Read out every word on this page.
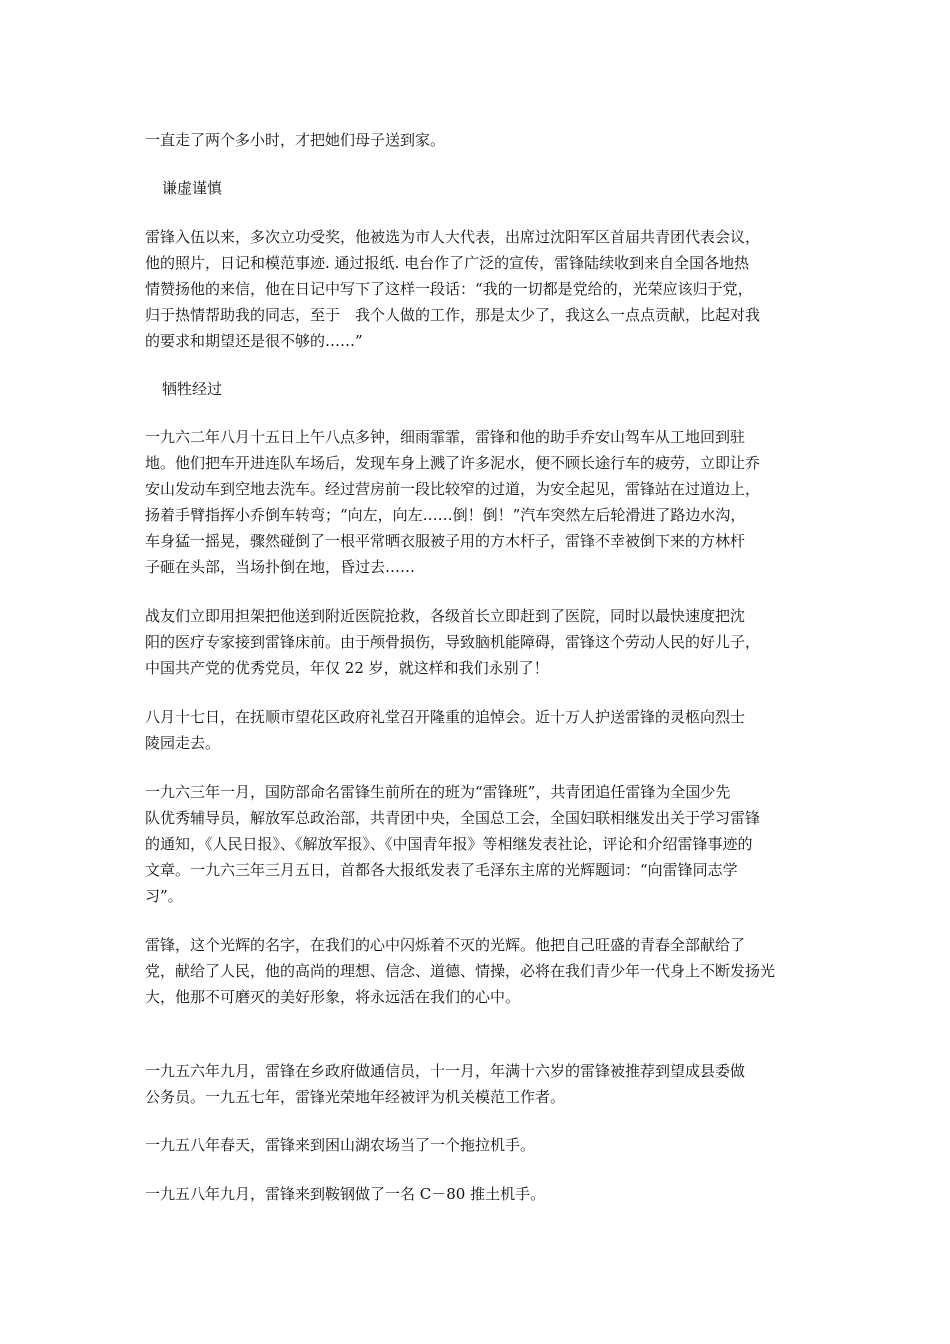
一直走了两个多小时，才把她们母子送到家。
谦虚谨慎
雷锋入伍以来，多次立功受奖，他被选为市人大代表，出席过沈阳军区首届共青团代表会议，
他的照片，日记和模范事迹. 通过报纸. 电台作了广泛的宣传，雷锋陆续收到来自全国各地热
情赞扬他的来信，他在日记中写下了这样一段话：“我的一切都是党给的，光荣应该归于党，
归于热情帮助我的同志，至于　我个人做的工作，那是太少了，我这么一点点贡献，比起对我
的要求和期望还是很不够的……”
牺牲经过
一九六二年八月十五日上午八点多钟，细雨霏霏，雷锋和他的助手乔安山驾车从工地回到驻
地。他们把车开进连队车场后，发现车身上溅了许多泥水，便不顾长途行车的疲劳，立即让乔
安山发动车到空地去洗车。经过营房前一段比较窄的过道，为安全起见，雷锋站在过道边上，
扬着手臂指挥小乔倒车转弯；“向左，向左……倒！倒！”汽车突然左后轮滑进了路边水沟，
车身猛一摇晃，骤然碰倒了一根平常晒衣服被子用的方木杆子，雷锋不幸被倒下来的方林杆
子砸在头部，当场扑倒在地，昏过去……
战友们立即用担架把他送到附近医院抢救，各级首长立即赶到了医院，同时以最快速度把沈
阳的医疗专家接到雷锋床前。由于颅骨损伤，导致脑机能障碍，雷锋这个劳动人民的好儿子，
中国共产党的优秀党员，年仅 22 岁，就这样和我们永别了！
八月十七日，在抚顺市望花区政府礼堂召开隆重的追悼会。近十万人护送雷锋的灵柩向烈士
陵园走去。
一九六三年一月，国防部命名雷锋生前所在的班为“雷锋班”，共青团追任雷锋为全国少先
队优秀辅导员，解放军总政治部，共青团中央，全国总工会，全国妇联相继发出关于学习雷锋
的通知，《人民日报》、《解放军报》、《中国青年报》等相继发表社论，评论和介绍雷锋事迹的
文章。一九六三年三月五日，首都各大报纸发表了毛泽东主席的光辉题词：“向雷锋同志学
习”。
雷锋，这个光辉的名字，在我们的心中闪烁着不灭的光辉。他把自己旺盛的青春全部献给了
党，献给了人民，他的高尚的理想、信念、道德、情操，必将在我们青少年一代身上不断发扬光
大，他那不可磨灭的美好形象，将永远活在我们的心中。
一九五六年九月，雷锋在乡政府做通信员，十一月，年满十六岁的雷锋被推荐到望成县委做
公务员。一九五七年，雷锋光荣地年经被评为机关模范工作者。
一九五八年春天，雷锋来到困山湖农场当了一个拖拉机手。
一九五八年九月，雷锋来到鞍钢做了一名 C－80 推土机手。
